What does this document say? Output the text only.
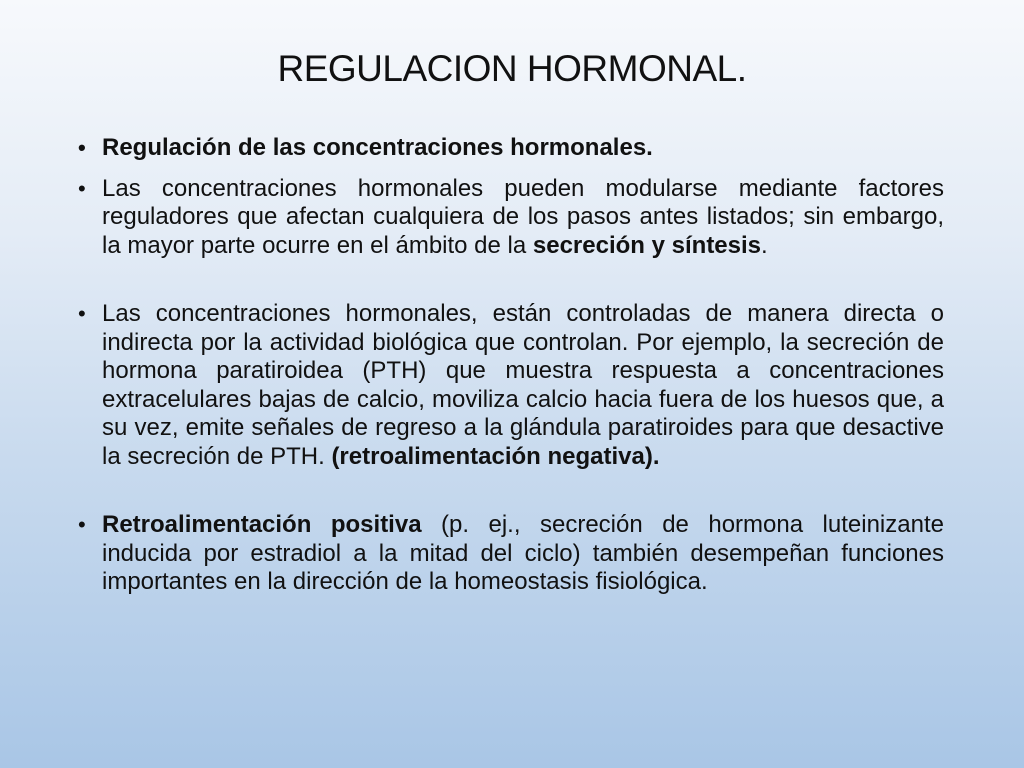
REGULACION HORMONAL.
• Regulación de las concentraciones hormonales.
• Las concentraciones hormonales pueden modularse mediante factores reguladores que afectan cualquiera de los pasos antes listados; sin embargo, la mayor parte ocurre en el ámbito de la secreción y síntesis.
• Las concentraciones hormonales, están controladas de manera directa o indirecta por la actividad biológica que controlan. Por ejemplo, la secreción de hormona paratiroidea (PTH) que muestra respuesta a concentraciones extracelulares bajas de calcio, moviliza calcio hacia fuera de los huesos que, a su vez, emite señales de regreso a la glándula paratiroides para que desactive la secreción de PTH. (retroalimentación negativa).
• Retroalimentación positiva (p. ej., secreción de hormona luteinizante inducida por estradiol a la mitad del ciclo) también desempeñan funciones importantes en la dirección de la homeostasis fisiológica.
